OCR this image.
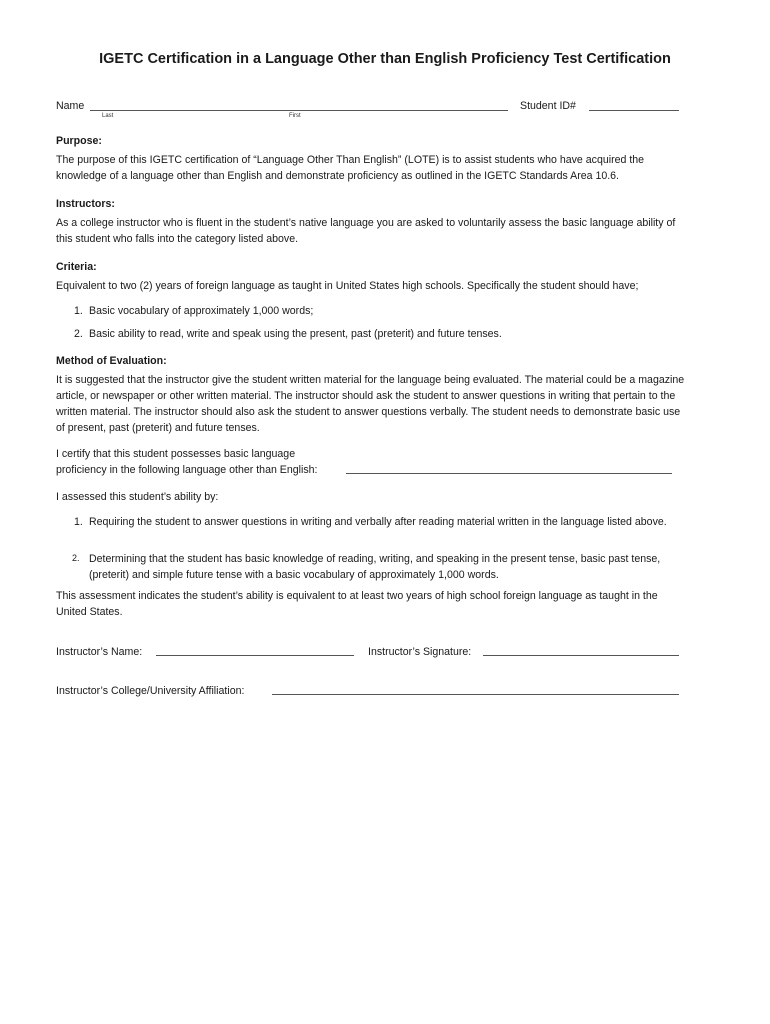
IGETC Certification in a Language Other than English Proficiency Test Certification
Name
Last	First
Student ID#
Purpose:
The purpose of this IGETC certification of “Language Other Than English” (LOTE) is to assist students who have acquired the knowledge of a language other than English and demonstrate proficiency as outlined in the IGETC Standards Area 10.6.
Instructors:
As a college instructor who is fluent in the student’s native language you are asked to voluntarily assess the basic language ability of this student who falls into the category listed above.
Criteria:
Equivalent to two (2) years of foreign language as taught in United States high schools. Specifically the student should have;
1. Basic vocabulary of approximately 1,000 words;
2. Basic ability to read, write and speak using the present, past (preterit) and future tenses.
Method of Evaluation:
It is suggested that the instructor give the student written material for the language being evaluated. The material could be a magazine article, or newspaper or other written material. The instructor should ask the student to answer questions in writing that pertain to the written material. The instructor should also ask the student to answer questions verbally. The student needs to demonstrate basic use of present, past (preterit) and future tenses.
I certify that this student possesses basic language
proficiency in the following language other than English:
I assessed this student’s ability by:
1. Requiring the student to answer questions in writing and verbally after reading material written in the language listed above.
2. Determining that the student has basic knowledge of reading, writing, and speaking in the present tense, basic past tense, (preterit) and simple future tense with a basic vocabulary of approximately 1,000 words.
This assessment indicates the student’s ability is equivalent to at least two years of high school foreign language as taught in the United States.
Instructor’s Name:	Instructor’s Signature:
Instructor’s College/University Affiliation:
